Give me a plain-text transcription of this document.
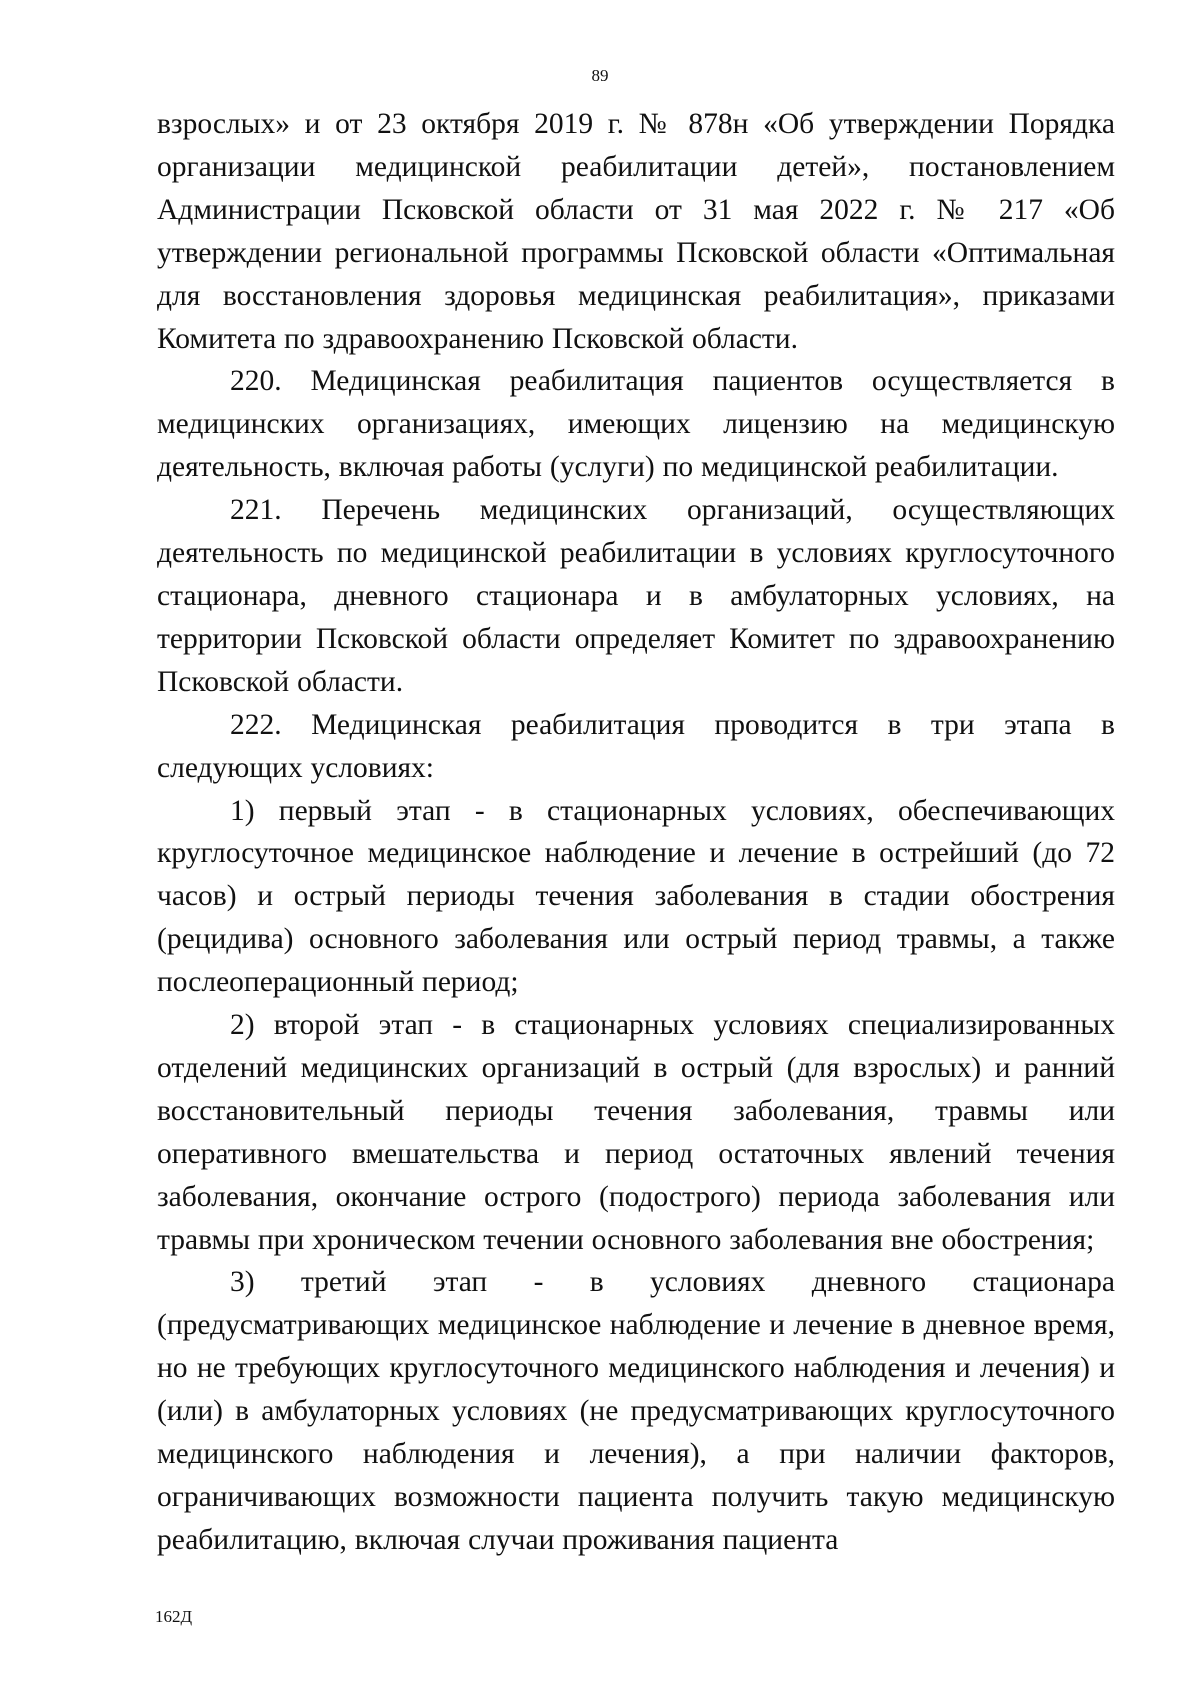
89

взрослых» и от 23 октября 2019 г. № 878н «Об утверждении Порядка организации медицинской реабилитации детей», постановлением Администрации Псковской области от 31 мая 2022 г. № 217 «Об утверждении региональной программы Псковской области «Оптимальная для восстановления здоровья медицинская реабилитация», приказами Комитета по здравоохранению Псковской области.

220. Медицинская реабилитация пациентов осуществляется в медицинских организациях, имеющих лицензию на медицинскую деятельность, включая работы (услуги) по медицинской реабилитации.

221. Перечень медицинских организаций, осуществляющих деятельность по медицинской реабилитации в условиях круглосуточного стационара, дневного стационара и в амбулаторных условиях, на территории Псковской области определяет Комитет по здравоохранению Псковской области.

222. Медицинская реабилитация проводится в три этапа в следующих условиях:

1) первый этап - в стационарных условиях, обеспечивающих круглосуточное медицинское наблюдение и лечение в острейший (до 72 часов) и острый периоды течения заболевания в стадии обострения (рецидива) основного заболевания или острый период травмы, а также послеоперационный период;

2) второй этап - в стационарных условиях специализированных отделений медицинских организаций в острый (для взрослых) и ранний восстановительный периоды течения заболевания, травмы или оперативного вмешательства и период остаточных явлений течения заболевания, окончание острого (подострого) периода заболевания или травмы при хроническом течении основного заболевания вне обострения;

3) третий этап - в условиях дневного стационара (предусматривающих медицинское наблюдение и лечение в дневное время, но не требующих круглосуточного медицинского наблюдения и лечения) и (или) в амбулаторных условиях (не предусматривающих круглосуточного медицинского наблюдения и лечения), а при наличии факторов, ограничивающих возможности пациента получить такую медицинскую реабилитацию, включая случаи проживания пациента

162Д
